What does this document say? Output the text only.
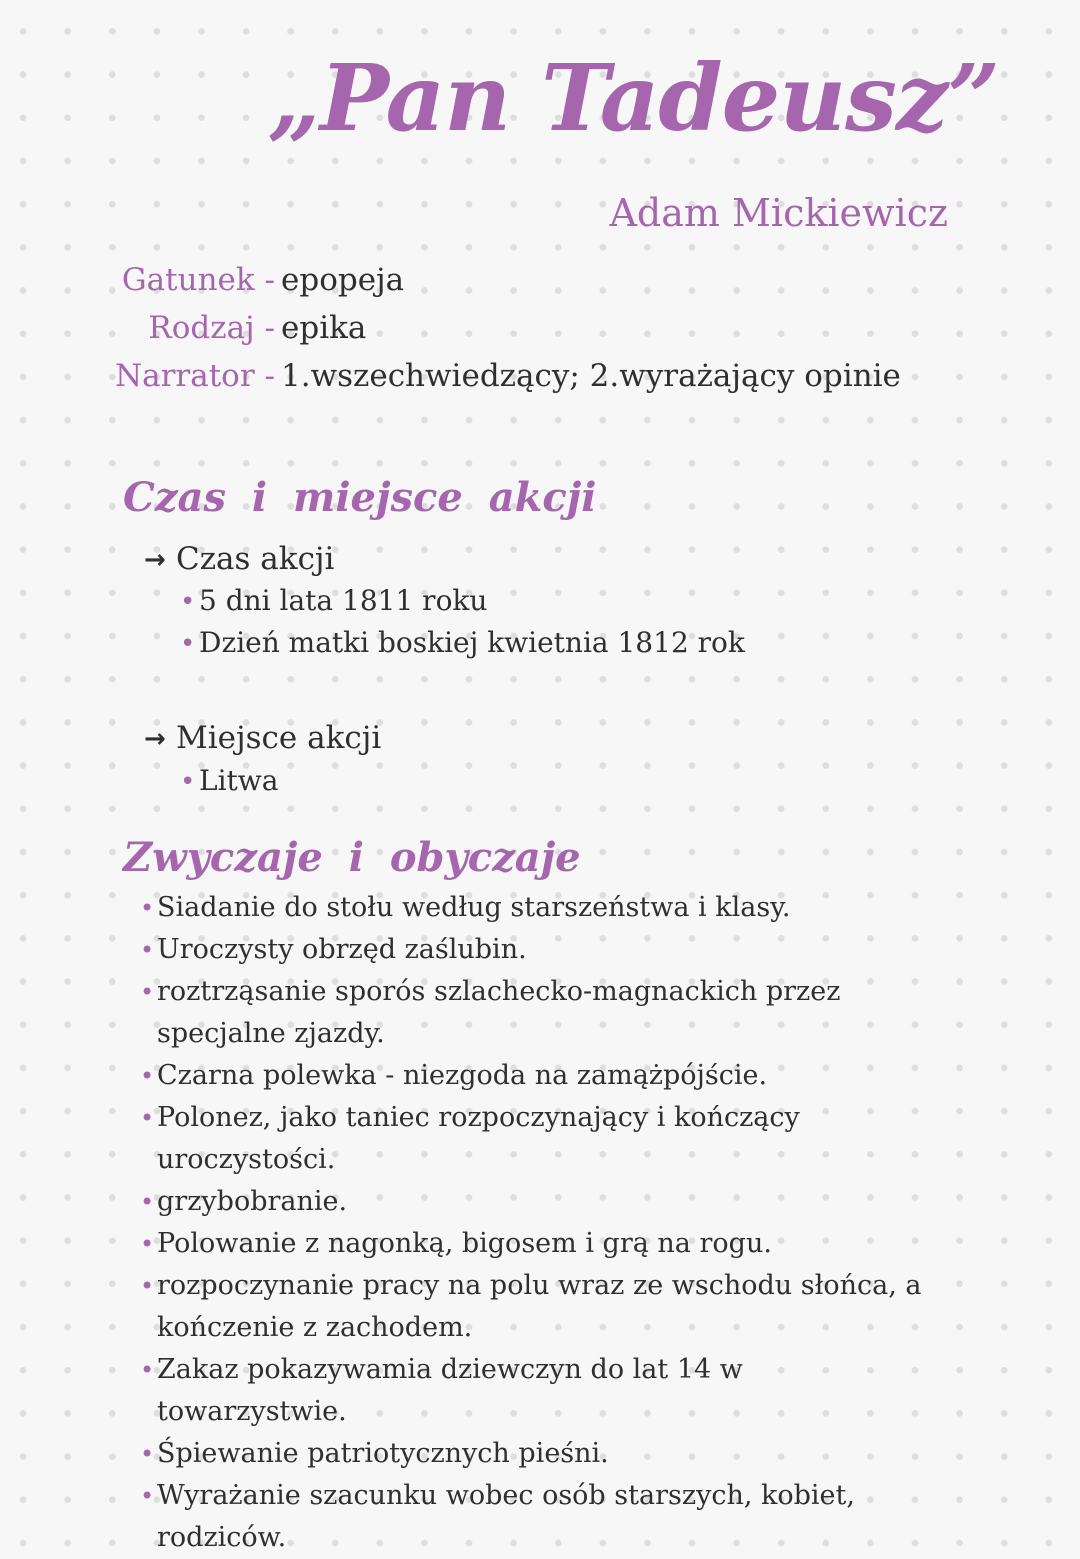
„Pan Tadeusz”
Adam Mickiewicz
Gatunek - epopeja
Rodzaj - epika
Narrator - 1.wszechwiedzący; 2.wyrażający opinie
Czas i miejsce akcji
→ Czas akcji
• 5 dni lata 1811 roku
• Dzień matki boskiej kwietnia 1812 rok
→ Miejsce akcji
• Litwa
Zwyczaje i obyczaje
• Siadanie do stołu według starszeństwa i klasy.
• Uroczysty obrzęd zaślubin.
• roztrząsanie sporós szlachecko-magnackich przez specjalne zjazdy.
• Czarna polewka - niezgoda na zamążpójście.
• Polonez, jako taniec rozpoczynający i kończący uroczystości.
• grzybobranie.
• Polowanie z nagonką, bigosem i grą na rogu.
• rozpoczynanie pracy na polu wraz ze wschodu słońca, a kończenie z zachodem.
• Zakaz pokazywamia dziewczyn do lat 14 w towarzystwie.
• Śpiewanie patriotycznych pieśni.
• Wyrażanie szacunku wobec osób starszych, kobiet, rodziców.
